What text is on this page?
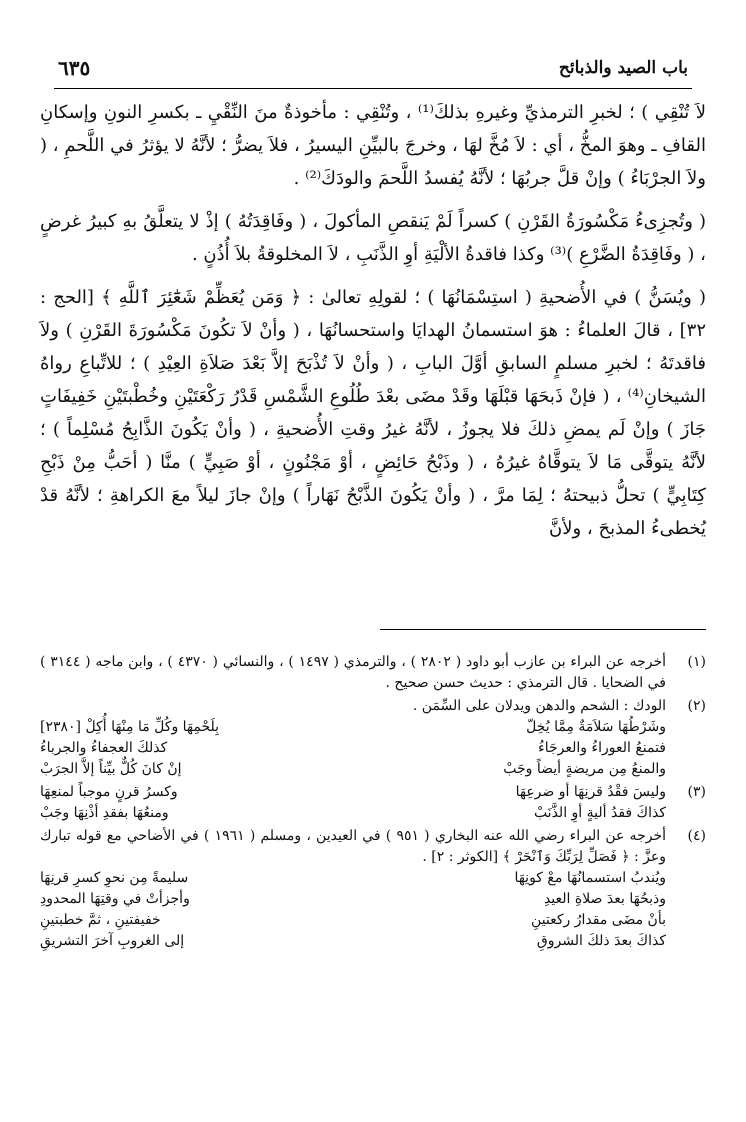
باب الصيد والذبائح
٦٣٥

لاَ تُنْقِي ) ؛ لخبرِ الترمذيِّ وغيرهِ بذلكَ⁽¹⁾ ، وتُنْقِي : مأخوذةٌ منَ النِّقْيِ ـ بكسرِ النونِ وإسكانِ القافِ ـ وهوَ المخُّ ، أي : لاَ مُخَّ لهَا ، وخرجَ بالبيِّنِ اليسيرُ ، فلاَ يضرُّ ؛ لأنَّهُ لا يؤثرُ في اللَّحمِ ، ( ولاَ الجرْبَاءُ ) وإنْ قلَّ جربُهَا ؛ لأنَّهُ يُفسدُ اللَّحمَ والودَكَ⁽²⁾ .

( وتُجزِىءُ مَكْسُورَةُ القَرْنِ ) كسراً لَمْ يَنقصِ المأكولَ ، ( وفَاقِدَتُهُ ) إذْ لا يتعلَّقُ بهِ كبيرُ غرضٍ ، ( وفَاقِدَةُ الضَّرْعِ )⁽³⁾ وكذا فاقدةُ الألْيَةِ أوِ الذَّنَبِ ، لاَ المخلوقةُ بلاَ أُذُنٍ .

( ويُسَنُّ ) في الأُضحيةِ ( استِسْمَانُهَا ) ؛ لقولِهِ تعالىٰ : ﴿ وَمَن يُعَظِّمْ شَعَٰٓئِرَ ٱللَّهِ ﴾ [الحج : ٣٢] ، قالَ العلماءُ : هوَ استسمانُ الهدايَا واستحسانُهَا ، ( وأنْ لاَ تكُونَ مَكْسُورَةَ القَرْنِ ) ولاَ فاقدتَهُ ؛ لخبرِ مسلمٍ السابقِ أوَّلَ البابِ ، ( وأنْ لاَ تُذْبَحَ إلاَّ بَعْدَ صَلاَةِ العِيْدِ ) ؛ للاتِّباعِ رواهُ الشيخانِ⁽⁴⁾ ، ( فإنْ ذَبحَهَا قبْلَهَا وقَدْ مضَى بعْدَ طُلُوعِ الشَّمْسِ قَدْرُ رَكْعَتَيْنِ وخُطْبتَيْنِ خَفِيفَاتٍ جَازَ ) وإنْ لَم يمضِ ذلكَ فلا يجوزُ ، لأنَّهُ غيرُ وقتِ الأُضحيةِ ، ( وأنْ يَكُونَ الذَّابِحُ مُسْلِماً ) ؛ لأنَّهُ يتوقَّى مَا لاَ يتوقَّاهُ غيرُهُ ، ( وذَبْحُ حَائِضٍ ، أوْ مَجْنُونٍ ، أوْ صَبِيٍّ ) منَّا ( أحَبُّ مِنْ ذَبْحِ كِتَابِيٍّ ) تحلُّ ذبيحتهُ ؛ لِمَا مرَّ ، ( وأنْ يَكُونَ الذَّبْحُ نَهَاراً ) وإنْ جازَ ليلاً معَ الكراهةِ ؛ لأنَّهُ قدْ يُخطىءُ المذبحَ ، ولأنَّ

(١)
أخرجه عن البراء بن عازب أبو داود ( ٢٨٠٢ ) ، والترمذي ( ١٤٩٧ ) ، والنسائي ( ٤٣٧٠ ) ، وابن ماجه ( ٣١٤٤ ) في الضحايا . قال الترمذي : حديث حسن صحيح .
(٢)
الودك : الشحم والدهن ويدلان على السِّمَن .
وشَرْطُهَا سَلاَمَةٌ مِمَّا يُخِلّ
بِلَحْمِهَا وكُلِّ مَا مِنْهَا أُكِلْ [٢٣٨٠]
فتمنعُ العوراءُ والعرجَاءُ
كذلكَ العجفاءُ والجرباءُ
والمنعُ مِن مريضةٍ أيضاً وجَبْ
إنْ كانَ كُلٌّ بيِّناً إلاَّ الجرَبْ
(٣)
وليسَ فقْدُ قرنِهَا أو ضرعِهَا
وكسرُ قرنٍ موجباً لمنعِهَا
كذاكَ فقدُ أليةٍ أوِ الذَّنَبْ
ومنعُهَا بفقدِ أذْنِهَا وجَبْ
(٤)
أخرجه عن البراء رضي الله عنه البخاري ( ٩٥١ ) في العيدين ، ومسلم ( ١٩٦١ ) في الأضاحي مع قوله تبارك وعزَّ : ﴿ فَصَلِّ لِرَبِّكَ وَٱنْحَرْ ﴾ [الكوثر : ٢] .
ويُندبُ استسمانُهَا معْ كونِهَا
سليمةً مِن نحوِ كسرِ قرنِهَا
وذبحُهَا بعدَ صلاةِ العيدِ
وأجزأتْ في وقتِهَا المحدودِ
بأنْ مضَى مقدارُ ركعتينِ
خفيفتينِ ، ثمَّ خطبتينِ
كذاكَ بعدَ ذلكَ الشروقِ
إلى الغروبِ آخرَ التشريقِ
